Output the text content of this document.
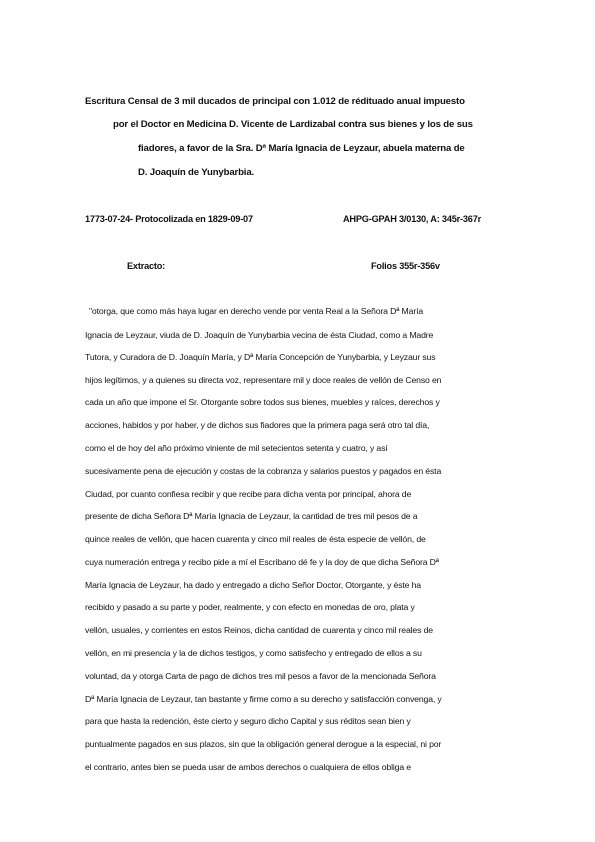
Escritura Censal de 3 mil ducados de principal con 1.012 de rédituado anual impuesto
por el Doctor en Medicina D. Vicente de Lardizabal contra sus bienes y los de sus
fiadores, a favor de la Sra. Dª María Ignacia de Leyzaur, abuela materna de
D. Joaquín de Yunybarbia.
1773-07-24- Protocolizada en 1829-09-07	AHPG-GPAH 3/0130, A: 345r-367r
Extracto:	Folios 355r-356v
"otorga, que como más haya lugar en derecho vende por venta Real a la Señora Dª María
Ignacia de Leyzaur, viuda de D. Joaquín de Yunybarbia vecina de ésta Ciudad, como a Madre
Tutora, y Curadora de D. Joaquín María, y Dª María Concepción de Yunybarbia, y Leyzaur sus
hijos legítimos, y a quienes su directa voz, representare mil y doce reales de vellón de Censo en
cada un año que impone el Sr. Otorgante sobre todos sus bienes, muebles y raíces, derechos y
acciones, habidos y por haber, y de dichos sus fiadores que la primera paga será otro tal día,
como el de hoy del año próximo viniente de mil setecientos setenta y cuatro, y así
sucesivamente pena de ejecución y costas de la cobranza y salarios puestos y pagados en ésta
Ciudad, por cuanto confiesa recibir y que recibe para dicha venta por principal, ahora de
presente de dicha Señora Dª María Ignacia de Leyzaur, la cantidad de tres mil pesos de a
quince reales de vellón, que hacen cuarenta y cinco mil reales de ésta especie de vellón, de
cuya numeración entrega y recibo pide a mí el Escribano dé fe y la doy de que dicha Señora Dª
María Ignacia de Leyzaur, ha dado y entregado a dicho Señor Doctor, Otorgante, y éste ha
recibido y pasado a su parte y poder, realmente, y con efecto en monedas de oro, plata y
vellón, usuales, y corrientes en estos Reinos, dicha cantidad de cuarenta y cinco mil reales de
vellón, en mi presencia y la de dichos testigos, y como satisfecho y entregado de ellos a su
voluntad, da y otorga Carta de pago de dichos tres mil pesos a favor de la mencionada Señora
Dª María Ignacia de Leyzaur, tan bastante y firme como a su derecho y satisfacción convenga, y
para que hasta la redención, éste cierto y seguro dicho Capital y sus réditos sean bien y
puntualmente pagados en sus plazos, sin que la obligación general derogue a la especial, ni por
el contrario, antes bien se pueda usar de ambos derechos o cualquiera de ellos obliga e
